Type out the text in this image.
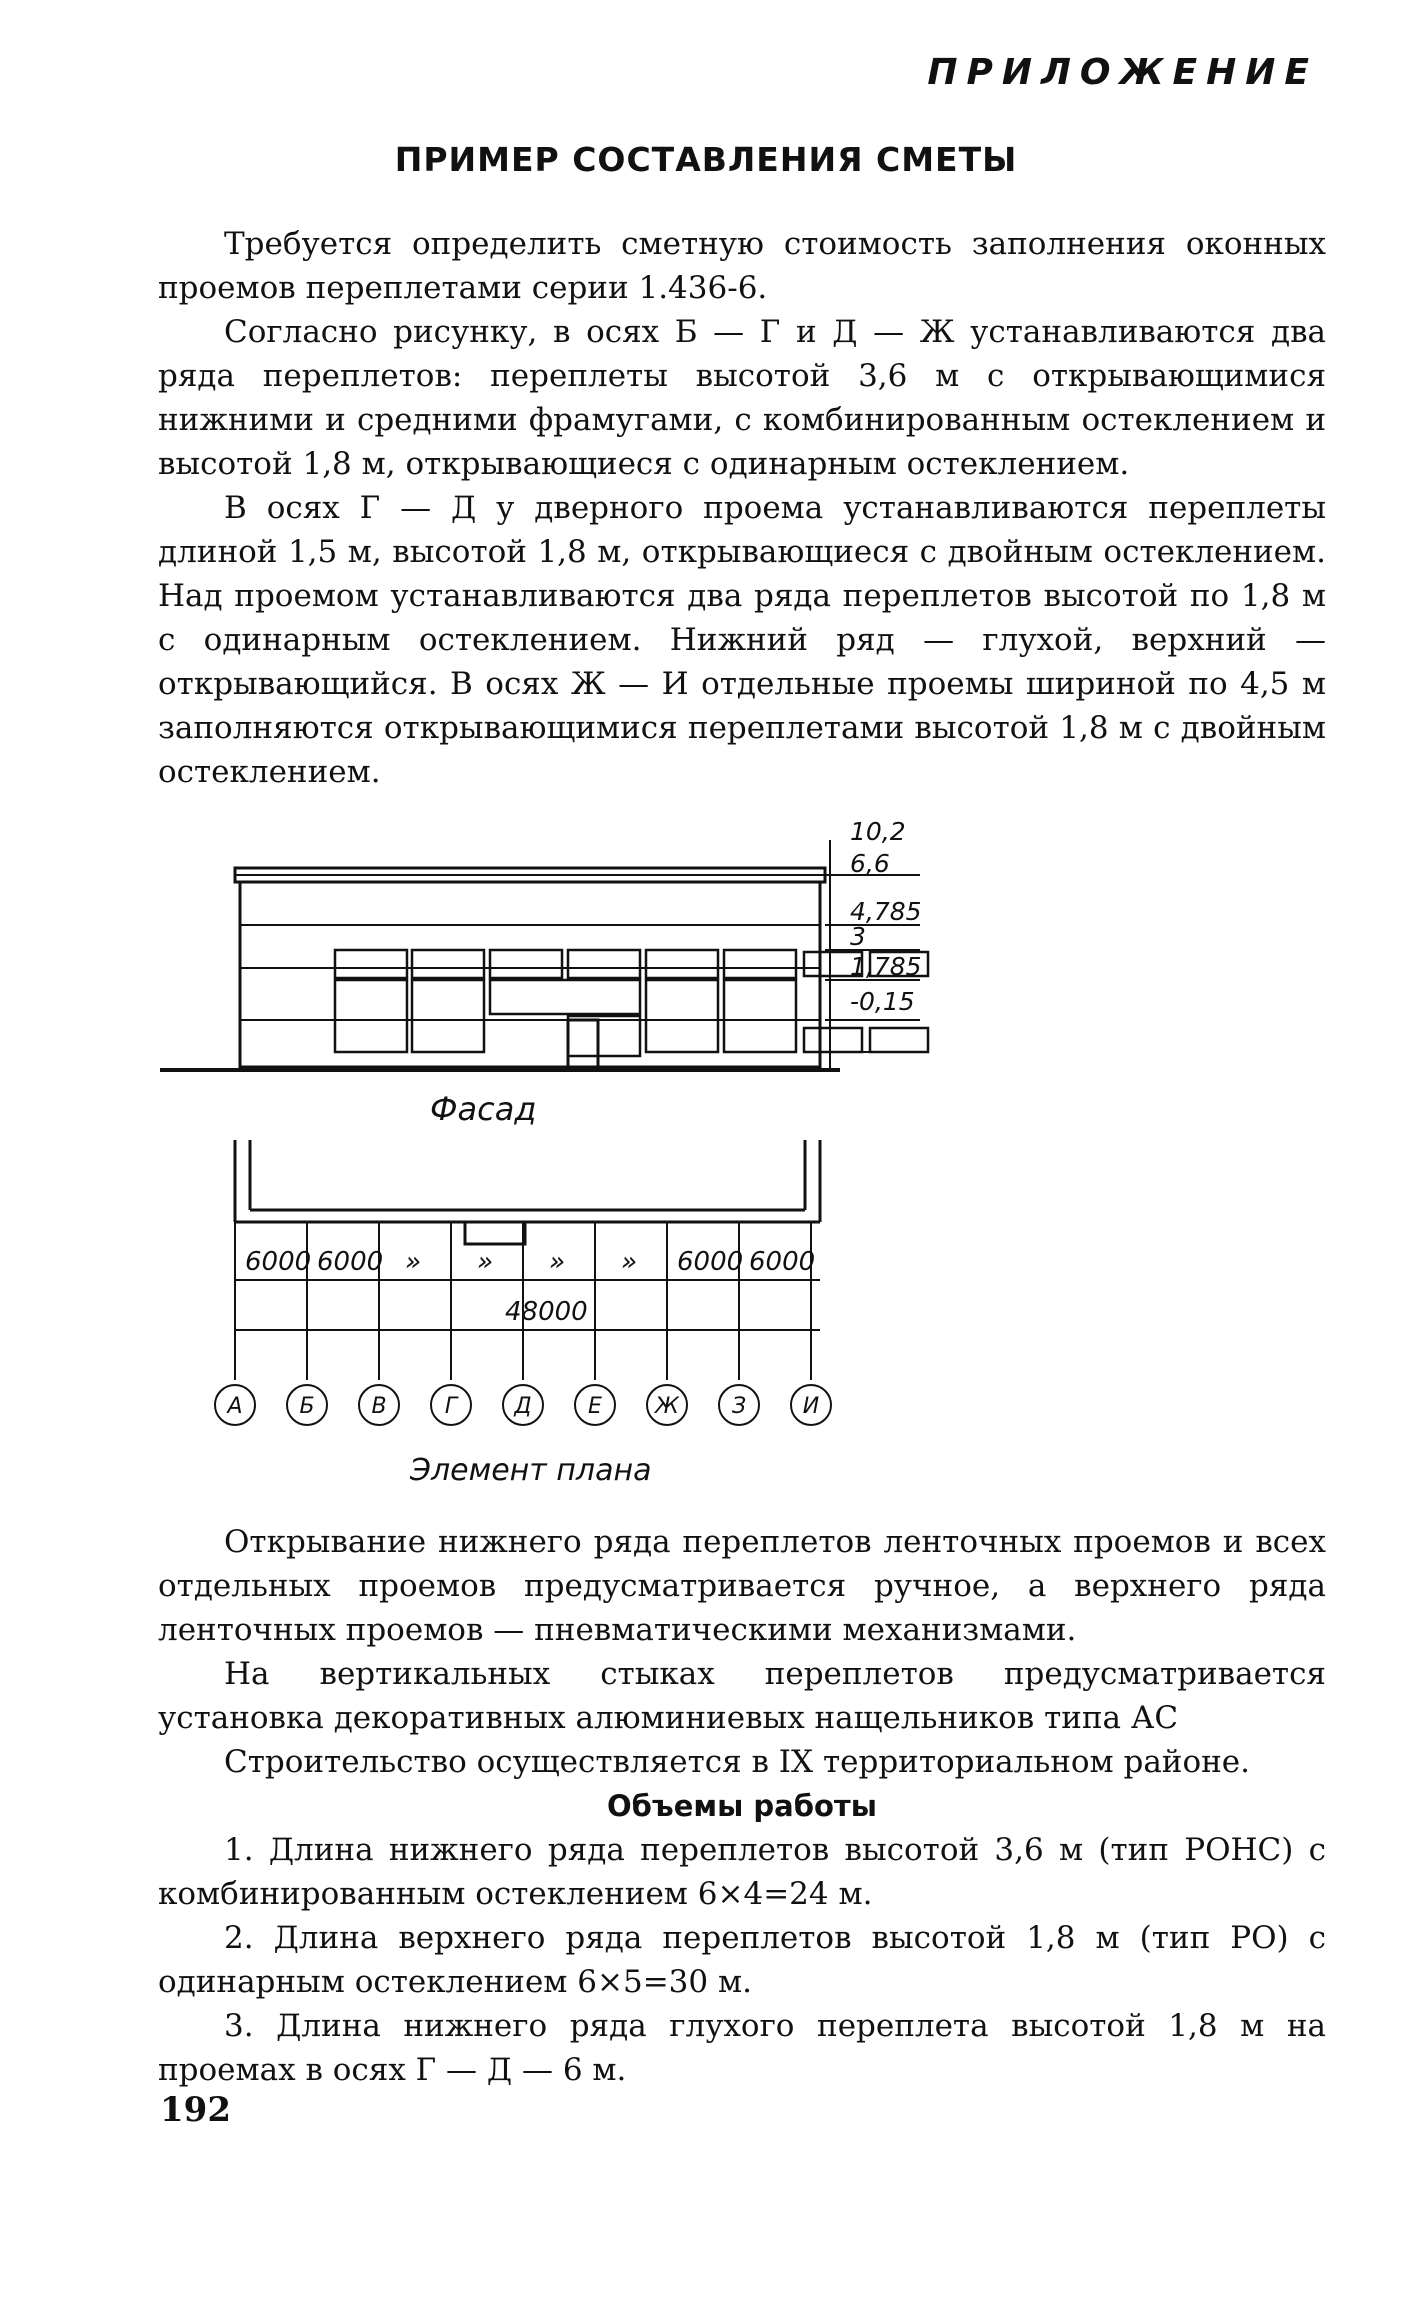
ПРИЛОЖЕНИЕ
ПРИМЕР СОСТАВЛЕНИЯ СМЕТЫ

Требуется определить сметную стоимость заполнения оконных проемов переплетами серии 1.436-6.

Согласно рисунку, в осях Б — Г и Д — Ж устанавливаются два ряда переплетов: переплеты высотой 3,6 м с открывающимися нижними и средними фрамугами, с комбинированным остеклением и высотой 1,8 м, открывающиеся с одинарным остеклением.

В осях Г — Д у дверного проема устанавливаются переплеты длиной 1,5 м, высотой 1,8 м, открывающиеся с двойным остеклением. Над проемом устанавливаются два ряда переплетов высотой по 1,8 м с одинарным остеклением. Нижний ряд — глухой, верхний — открывающийся. В осях Ж — И отдельные проемы шириной по 4,5 м заполняются открывающимися переплетами высотой 1,8 м с двойным остеклением.

10,2
6,6
4,785
3
1,785
-0,15
Фасад
6000 6000 » » » » 6000 6000
48000
А	Б	В	Г	Д	Е Ж З	И
Элемент плана

Открывание нижнего ряда переплетов ленточных проемов и всех отдельных проемов предусматривается ручное, а верхнего ряда ленточных проемов — пневматическими механизмами.

На вертикальных стыках переплетов предусматривается установка декоративных алюминиевых нащельников типа АС

Строительство осуществляется в IX территориальном районе.

Объемы работы

1. Длина нижнего ряда переплетов высотой 3,6 м (тип РОНС) с комбинированным остеклением 6×4=24 м.

2. Длина верхнего ряда переплетов высотой 1,8 м (тип РО) с одинарным остеклением 6×5=30 м.

3. Длина нижнего ряда глухого переплета высотой 1,8 м на проемах в осях Г — Д — 6 м.

192
